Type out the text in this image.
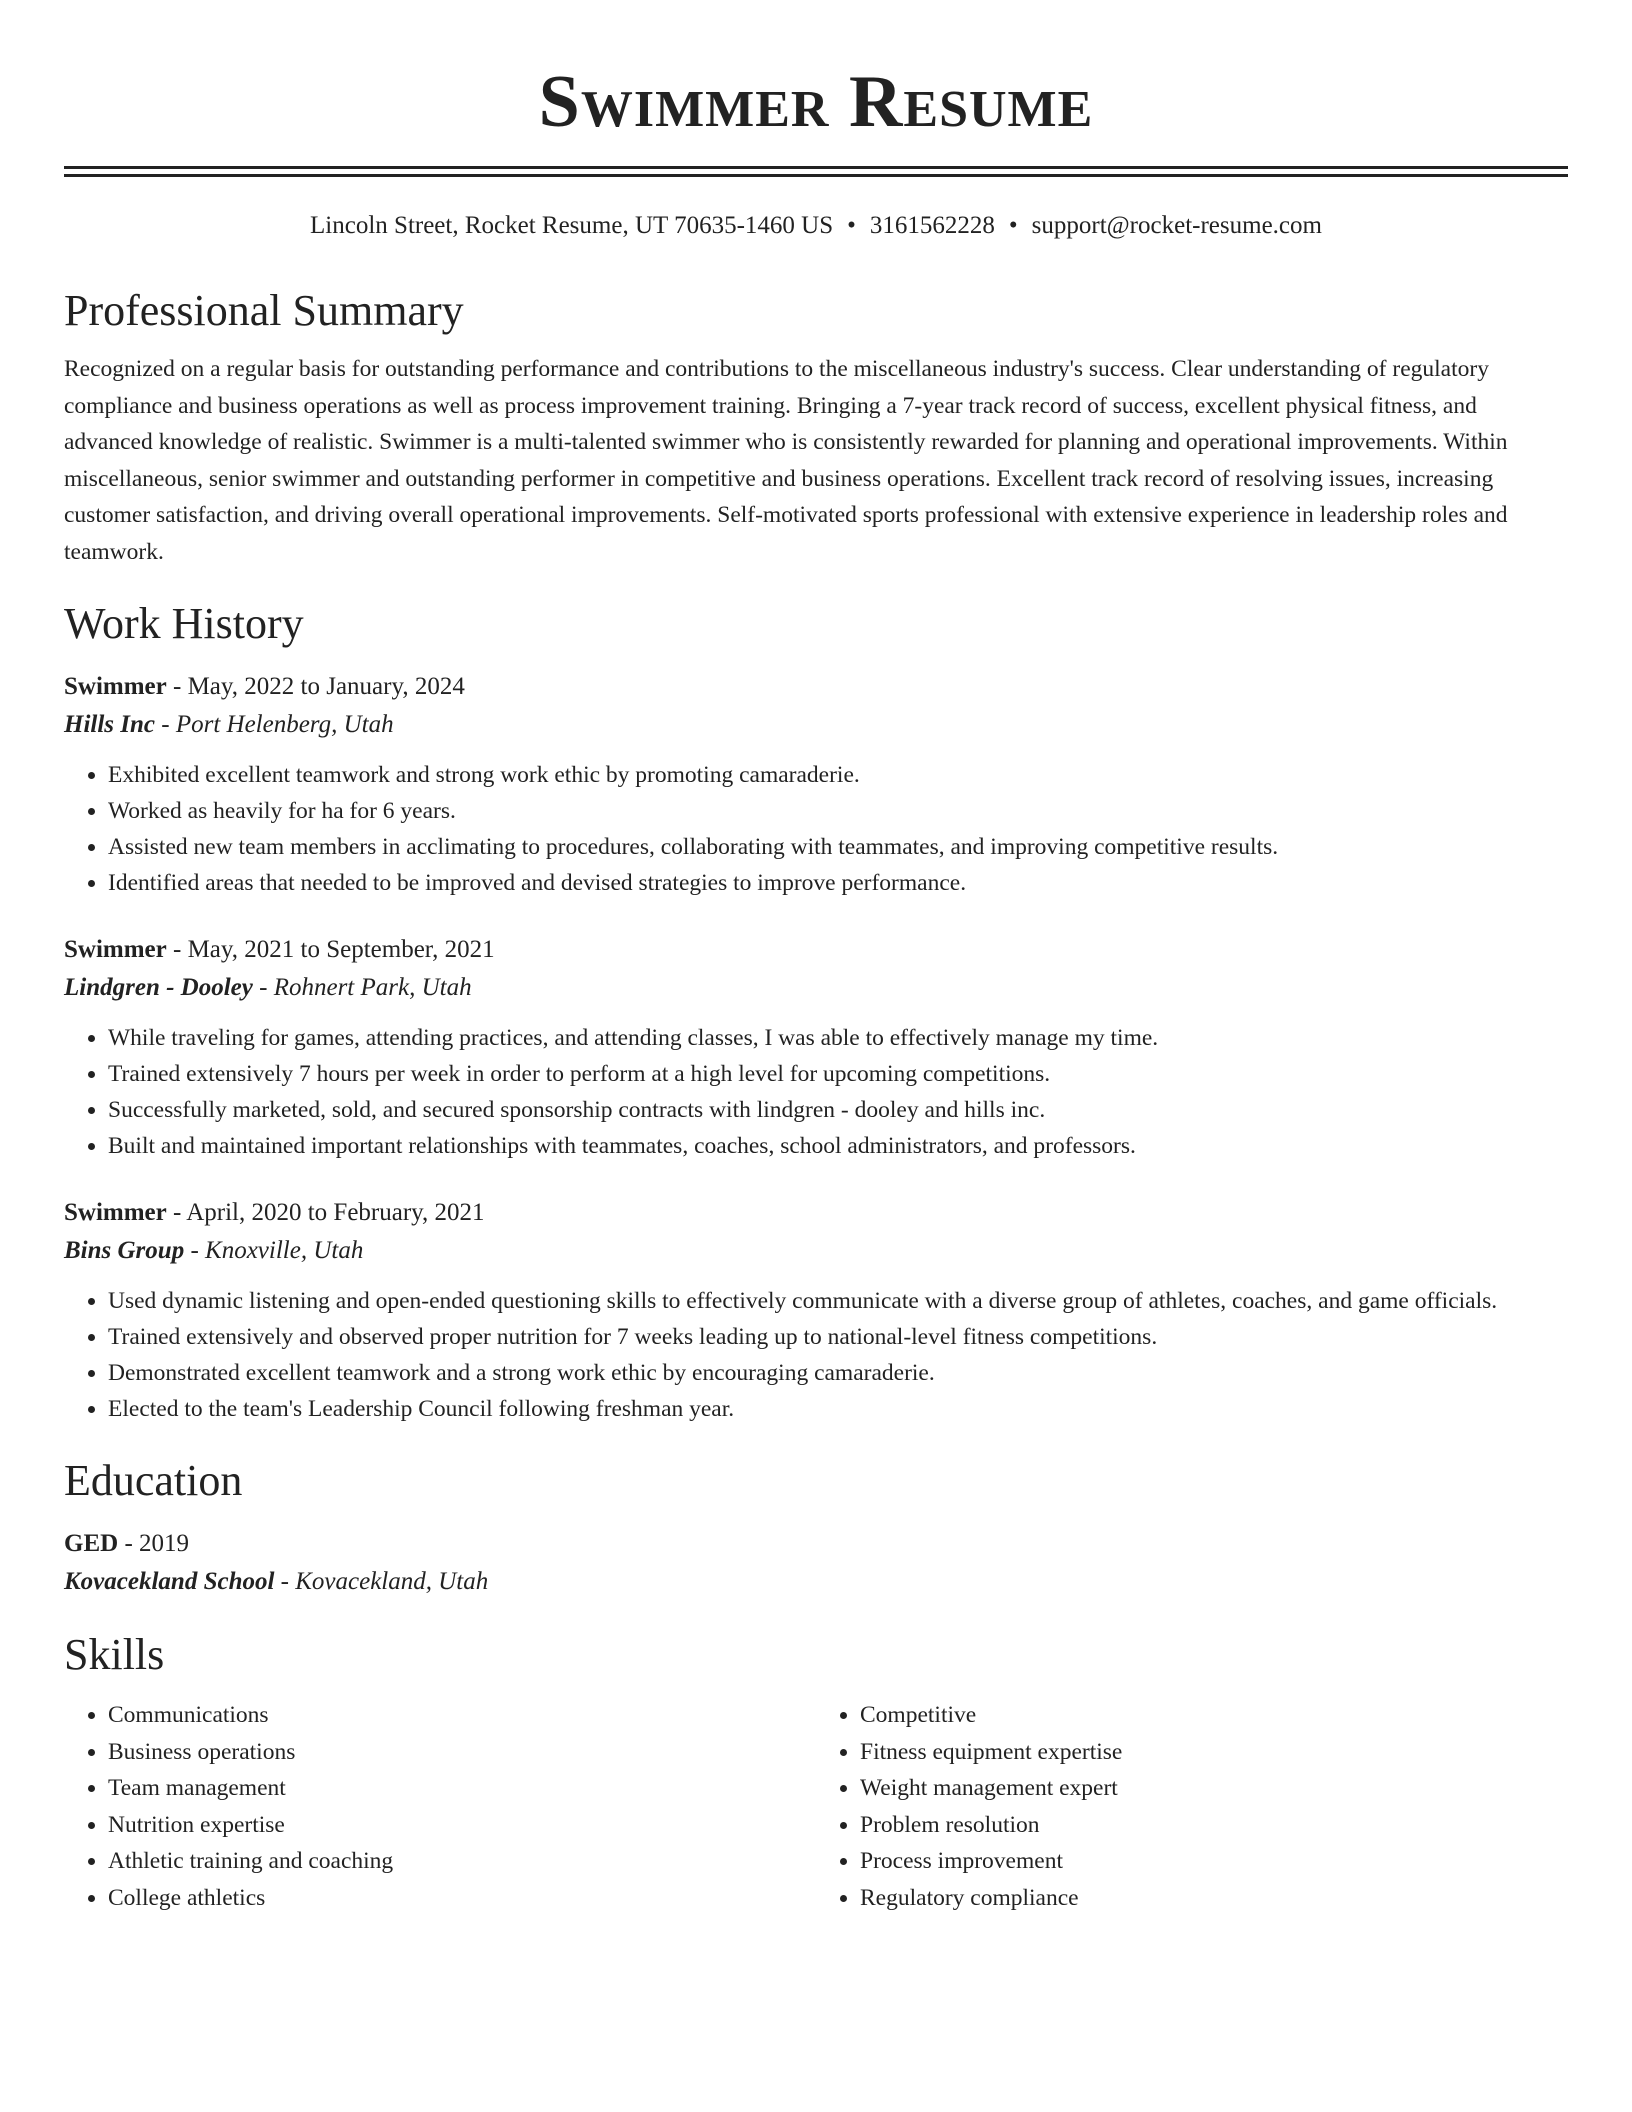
Swimmer Resume
Lincoln Street, Rocket Resume, UT 70635-1460 US • 3161562228 • support@rocket-resume.com
Professional Summary

Recognized on a regular basis for outstanding performance and contributions to the miscellaneous industry's success. Clear understanding of regulatory compliance and business operations as well as process improvement training. Bringing a 7-year track record of success, excellent physical fitness, and advanced knowledge of realistic. Swimmer is a multi-talented swimmer who is consistently rewarded for planning and operational improvements. Within miscellaneous, senior swimmer and outstanding performer in competitive and business operations. Excellent track record of resolving issues, increasing customer satisfaction, and driving overall operational improvements. Self-motivated sports professional with extensive experience in leadership roles and teamwork.

Work History
Swimmer - May, 2022 to January, 2024
Hills Inc - Port Helenberg, Utah
• Exhibited excellent teamwork and strong work ethic by promoting camaraderie.
• Worked as heavily for ha for 6 years.
• Assisted new team members in acclimating to procedures, collaborating with teammates, and improving competitive results.
• Identified areas that needed to be improved and devised strategies to improve performance.
Swimmer - May, 2021 to September, 2021
Lindgren - Dooley - Rohnert Park, Utah
• While traveling for games, attending practices, and attending classes, I was able to effectively manage my time.
• Trained extensively 7 hours per week in order to perform at a high level for upcoming competitions.
• Successfully marketed, sold, and secured sponsorship contracts with lindgren - dooley and hills inc.
• Built and maintained important relationships with teammates, coaches, school administrators, and professors.
Swimmer - April, 2020 to February, 2021
Bins Group - Knoxville, Utah
• Used dynamic listening and open-ended questioning skills to effectively communicate with a diverse group of athletes, coaches, and game officials.
• Trained extensively and observed proper nutrition for 7 weeks leading up to national-level fitness competitions.
• Demonstrated excellent teamwork and a strong work ethic by encouraging camaraderie.
• Elected to the team's Leadership Council following freshman year.
Education
GED - 2019
Kovacekland School - Kovacekland, Utah
Skills
• Communications
• Business operations
• Team management
• Nutrition expertise
• Athletic training and coaching
• College athletics
• Competitive
• Fitness equipment expertise
• Weight management expert
• Problem resolution
• Process improvement
• Regulatory compliance
